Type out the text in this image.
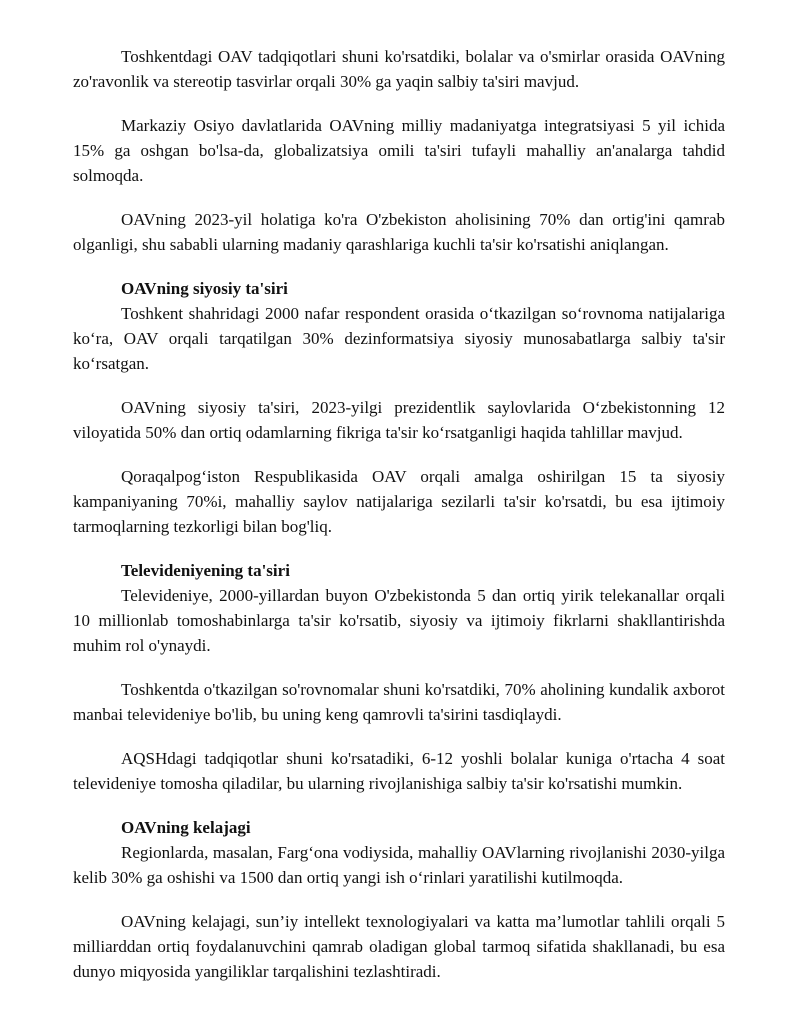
Toshkentdagi OAV tadqiqotlari shuni ko'rsatdiki, bolalar va o'smirlar orasida OAVning zo'ravonlik va stereotip tasvirlar orqali 30% ga yaqin salbiy ta'siri mavjud.

Markaziy Osiyo davlatlarida OAVning milliy madaniyatga integratsiyasi 5 yil ichida 15% ga oshgan bo'lsa-da, globalizatsiya omili ta'siri tufayli mahalliy an'analarga tahdid solmoqda.

OAVning 2023-yil holatiga ko'ra O'zbekiston aholisining 70% dan ortig'ini qamrab olganligi, shu sababli ularning madaniy qarashlariga kuchli ta'sir ko'rsatishi aniqlangan.

OAVning siyosiy ta'siri

Toshkent shahridagi 2000 nafar respondent orasida o‘tkazilgan so‘rovnoma natijalariga ko‘ra, OAV orqali tarqatilgan 30% dezinformatsiya siyosiy munosabatlarga salbiy ta'sir ko‘rsatgan.

OAVning siyosiy ta'siri, 2023-yilgi prezidentlik saylovlarida O‘zbekistonning 12 viloyatida 50% dan ortiq odamlarning fikriga ta'sir ko‘rsatganligi haqida tahlillar mavjud.

Qoraqalpog‘iston Respublikasida OAV orqali amalga oshirilgan 15 ta siyosiy kampaniyaning 70%i, mahalliy saylov natijalariga sezilarli ta'sir ko'rsatdi, bu esa ijtimoiy tarmoqlarning tezkorligi bilan bog'liq.

Televideniyening ta'siri

Televideniye, 2000-yillardan buyon O'zbekistonda 5 dan ortiq yirik telekanallar orqali 10 millionlab tomoshabinlarga ta'sir ko'rsatib, siyosiy va ijtimoiy fikrlarni shakllantirishda muhim rol o'ynaydi.

Toshkentda o'tkazilgan so'rovnomalar shuni ko'rsatdiki, 70% aholining kundalik axborot manbai televideniye bo'lib, bu uning keng qamrovli ta'sirini tasdiqlaydi.

AQSHdagi tadqiqotlar shuni ko'rsatadiki, 6-12 yoshli bolalar kuniga o'rtacha 4 soat televideniye tomosha qiladilar, bu ularning rivojlanishiga salbiy ta'sir ko'rsatishi mumkin.

OAVning kelajagi

Regionlarda, masalan, Farg‘ona vodiysida, mahalliy OAVlarning rivojlanishi 2030-yilga kelib 30% ga oshishi va 1500 dan ortiq yangi ish o‘rinlari yaratilishi kutilmoqda.

OAVning kelajagi, sun’iy intellekt texnologiyalari va katta ma’lumotlar tahlili orqali 5 milliarddan ortiq foydalanuvchini qamrab oladigan global tarmoq sifatida shakllanadi, bu esa dunyo miqyosida yangiliklar tarqalishini tezlashtiradi.
